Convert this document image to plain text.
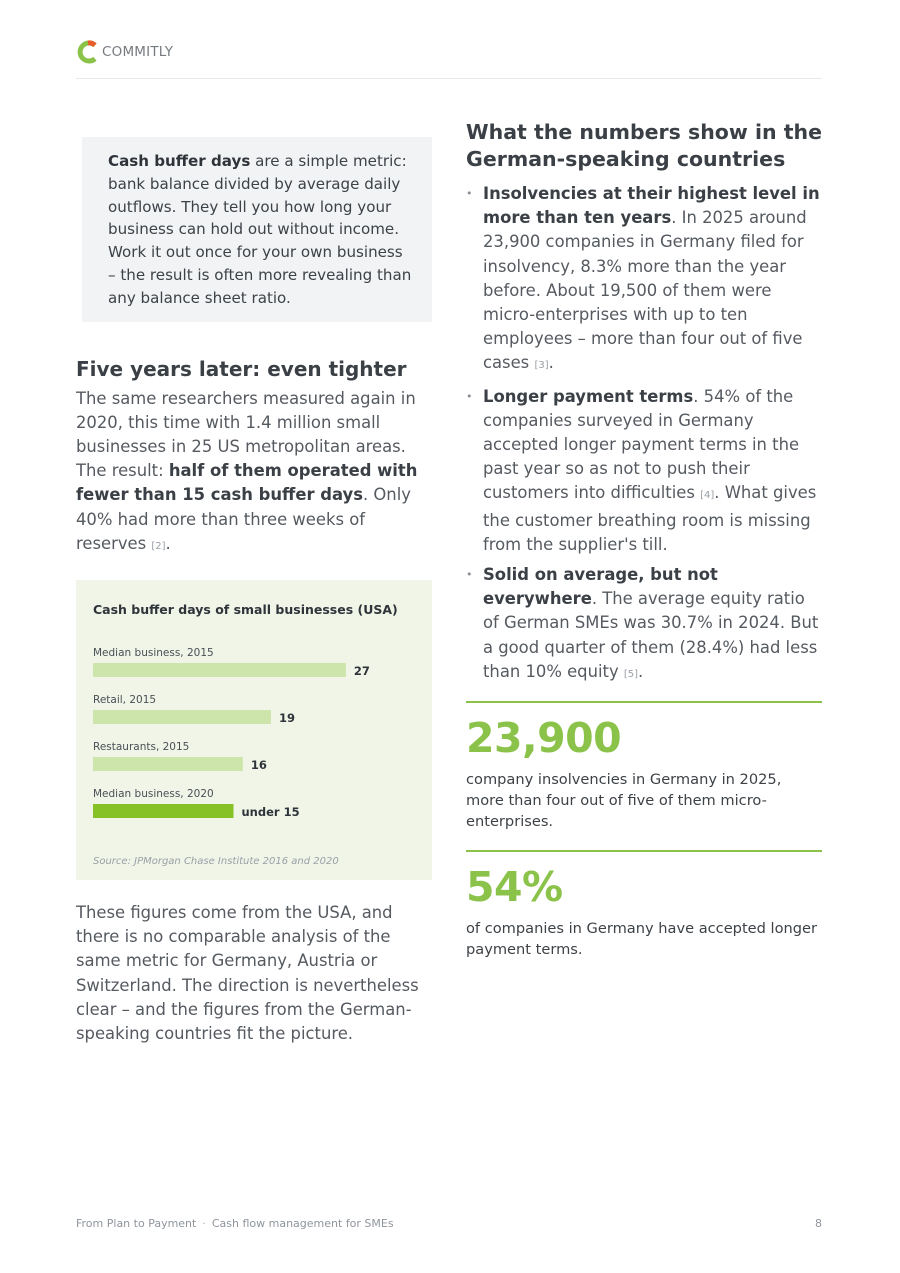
COMMITLY
Cash buffer days are a simple metric: bank balance divided by average daily outflows. They tell you how long your business can hold out without income. Work it out once for your own business – the result is often more revealing than any balance sheet ratio.
Five years later: even tighter
The same researchers measured again in 2020, this time with 1.4 million small businesses in 25 US metropolitan areas. The result: half of them operated with fewer than 15 cash buffer days. Only 40% had more than three weeks of reserves [2].
Cash buffer days of small businesses (USA)
Median business, 2015
27
Retail, 2015
19
Restaurants, 2015
16
Median business, 2020
under 15
Source: JPMorgan Chase Institute 2016 and 2020
These figures come from the USA, and there is no comparable analysis of the same metric for Germany, Austria or Switzerland. The direction is nevertheless clear – and the figures from the German-speaking countries fit the picture.
What the numbers show in the German-speaking countries
• Insolvencies at their highest level in more than ten years. In 2025 around 23,900 companies in Germany filed for insolvency, 8.3% more than the year before. About 19,500 of them were micro-enterprises with up to ten employees – more than four out of five cases [3].
• Longer payment terms. 54% of the companies surveyed in Germany accepted longer payment terms in the past year so as not to push their customers into difficulties [4]. What gives the customer breathing room is missing from the supplier's till.
• Solid on average, but not everywhere. The average equity ratio of German SMEs was 30.7% in 2024. But a good quarter of them (28.4%) had less than 10% equity [5].
23,900
company insolvencies in Germany in 2025, more than four out of five of them micro-enterprises.
54%
of companies in Germany have accepted longer payment terms.
From Plan to Payment · Cash flow management for SMEs	8
